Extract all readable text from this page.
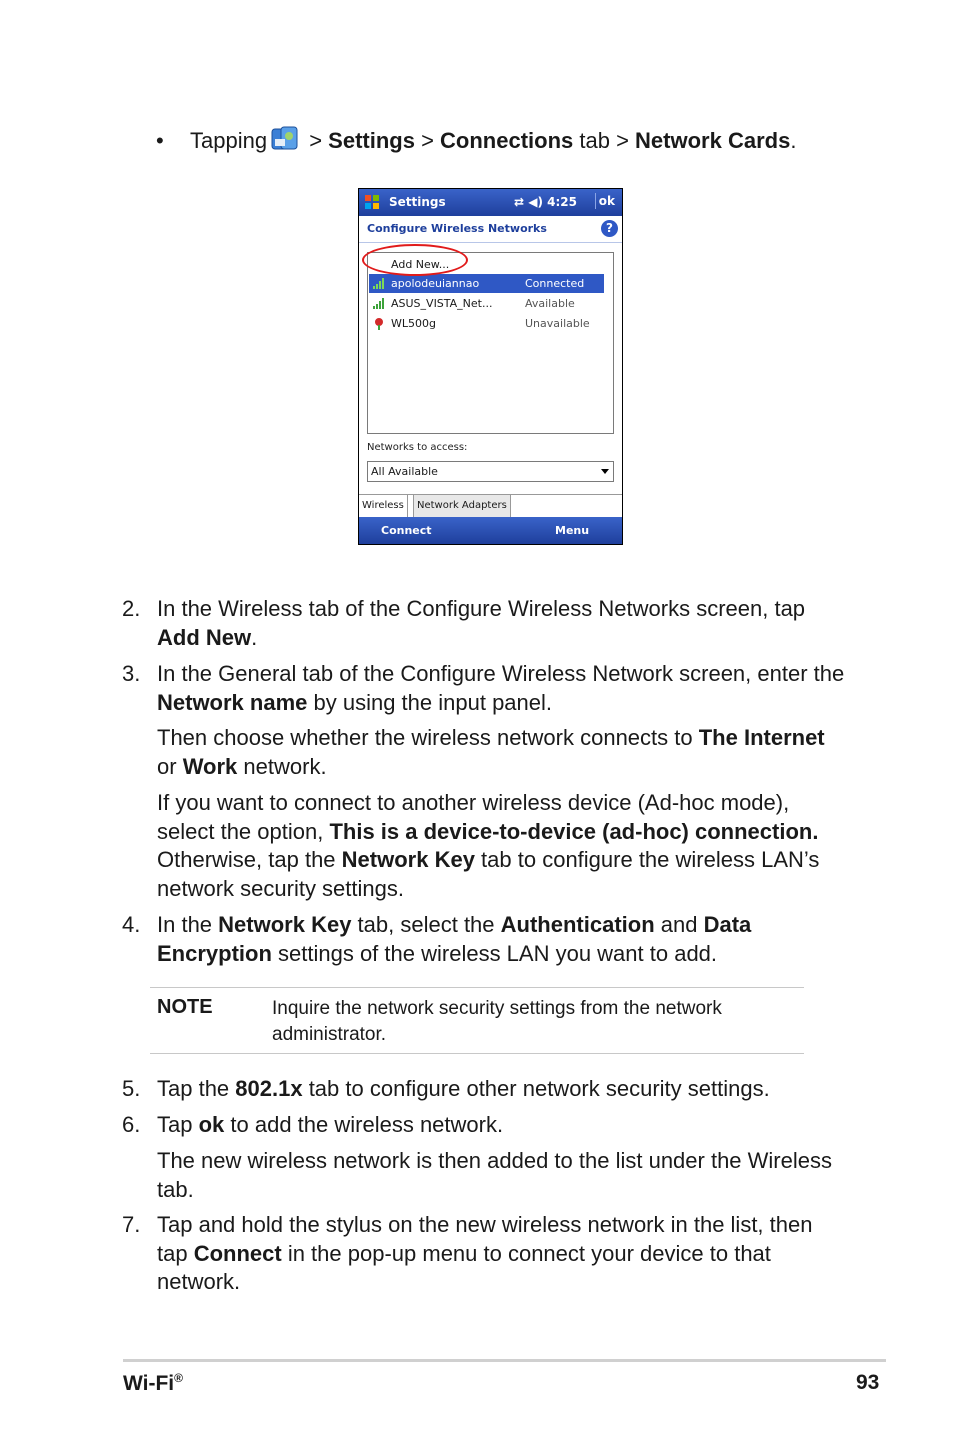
• Tapping > Settings > Connections tab > Network Cards.
Settings	⇄ ◀) 4:25	ok
Configure Wireless Networks	?
Add New...
apolodeuiannao	Connected
ASUS_VISTA_Net...	Available
WL500g	Unavailable
Networks to access:
All Available
Wireless	Network Adapters
Connect	Menu
2. In the Wireless tab of the Configure Wireless Networks screen, tap Add New.
3. In the General tab of the Configure Wireless Network screen, enter the Network name by using the input panel.
Then choose whether the wireless network connects to The Internet or Work network.
If you want to connect to another wireless device (Ad-hoc mode), select the option, This is a device-to-device (ad-hoc) connection. Otherwise, tap the Network Key tab to configure the wireless LAN’s network security settings.
4. In the Network Key tab, select the Authentication and Data Encryption settings of the wireless LAN you want to add.
NOTE	Inquire the network security settings from the network administrator.
5. Tap the 802.1x tab to configure other network security settings.
6. Tap ok to add the wireless network.
The new wireless network is then added to the list under the Wireless tab.
7. Tap and hold the stylus on the new wireless network in the list, then tap Connect in the pop-up menu to connect your device to that network.
Wi-Fi®	93
